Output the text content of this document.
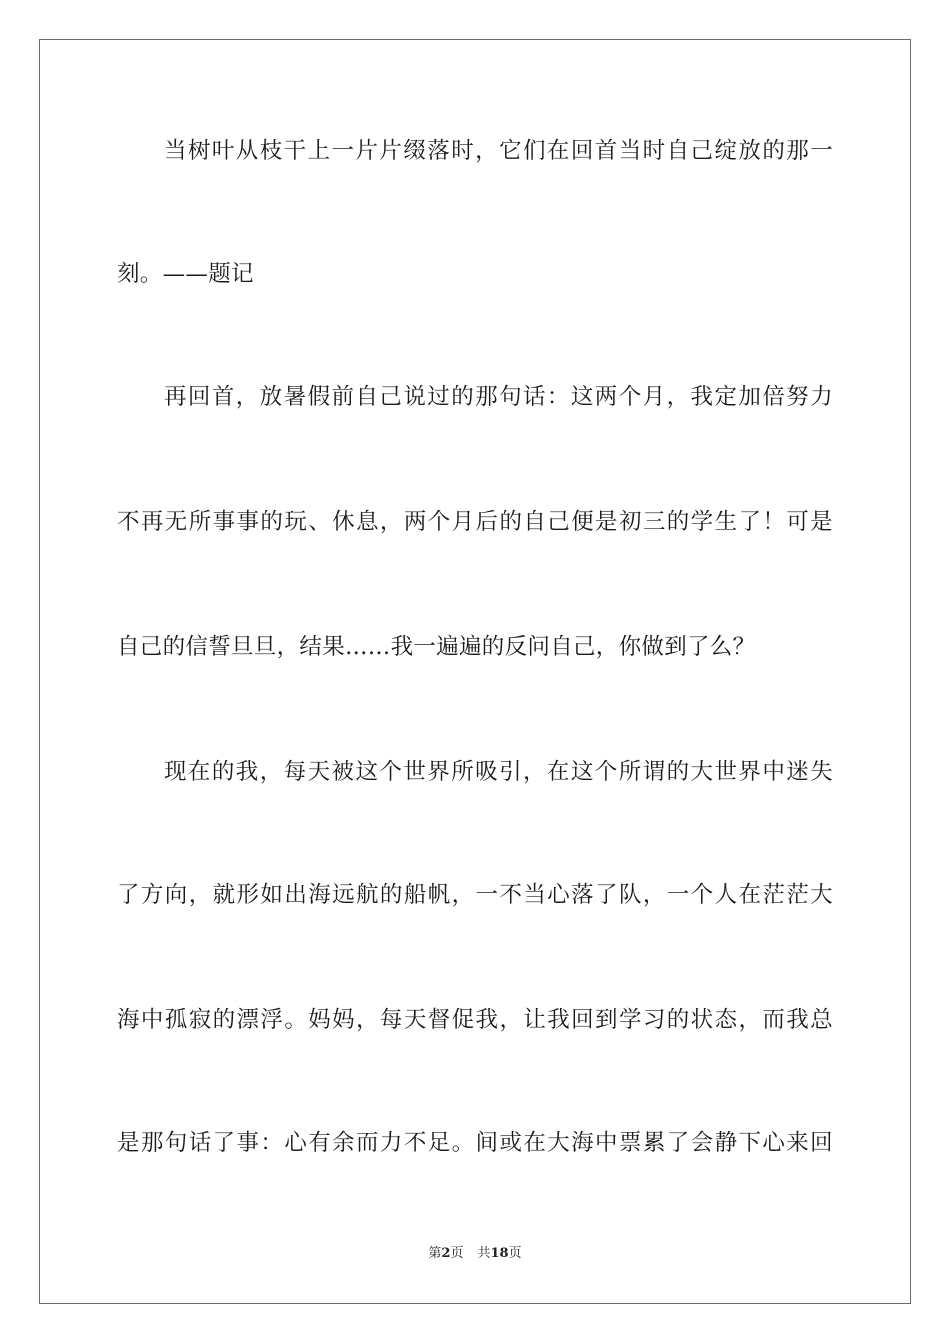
当树叶从枝干上一片片缀落时，它们在回首当时自己绽放的那一
刻。——题记
再回首，放暑假前自己说过的那句话：这两个月，我定加倍努力
不再无所事事的玩、休息，两个月后的自己便是初三的学生了！可是
自己的信誓旦旦，结果……我一遍遍的反问自己，你做到了么？
现在的我，每天被这个世界所吸引，在这个所谓的大世界中迷失
了方向，就形如出海远航的船帆，一不当心落了队，一个人在茫茫大
海中孤寂的漂浮。妈妈，每天督促我，让我回到学习的状态，而我总
是那句话了事：心有余而力不足。间或在大海中票累了会静下心来回
第2页 共18页
